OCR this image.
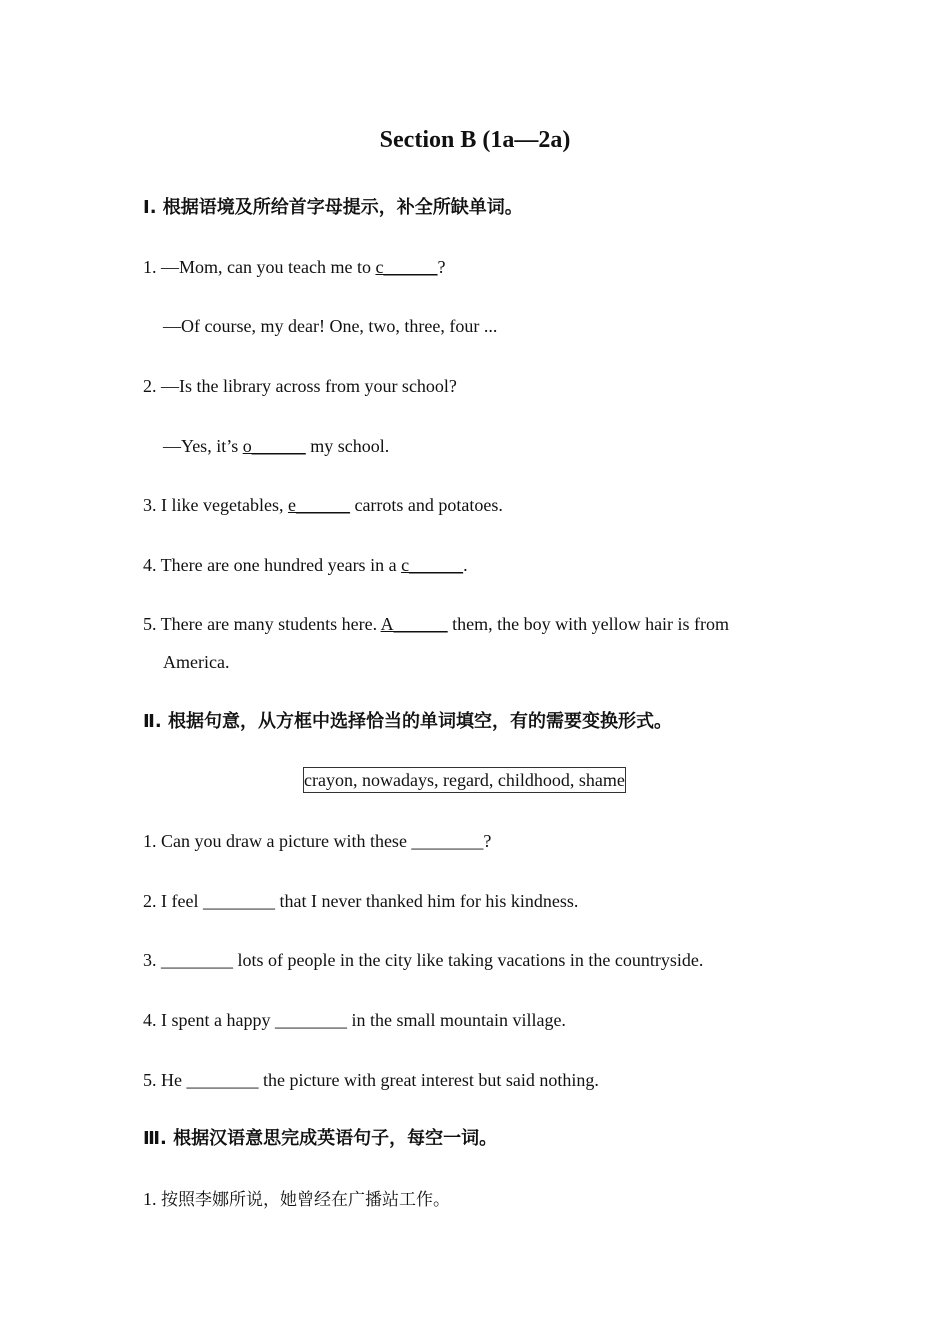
Section B (1a—2a)
Ⅰ. 根据语境及所给首字母提示，补全所缺单词。
1. —Mom, can you teach me to c______?
—Of course, my dear! One, two, three, four ...
2. —Is the library across from your school?
—Yes, it’s o______ my school.
3. I like vegetables, e______ carrots and potatoes.
4. There are one hundred years in a c______.
5. There are many students here. A______ them, the boy with yellow hair is from
America.
Ⅱ. 根据句意，从方框中选择恰当的单词填空，有的需要变换形式。
crayon, nowadays, regard, childhood, shame
1. Can you draw a picture with these ________?
2. I feel ________ that I never thanked him for his kindness.
3. ________ lots of people in the city like taking vacations in the countryside.
4. I spent a happy ________ in the small mountain village.
5. He ________ the picture with great interest but said nothing.
Ⅲ. 根据汉语意思完成英语句子，每空一词。
1. 按照李娜所说，她曾经在广播站工作。
